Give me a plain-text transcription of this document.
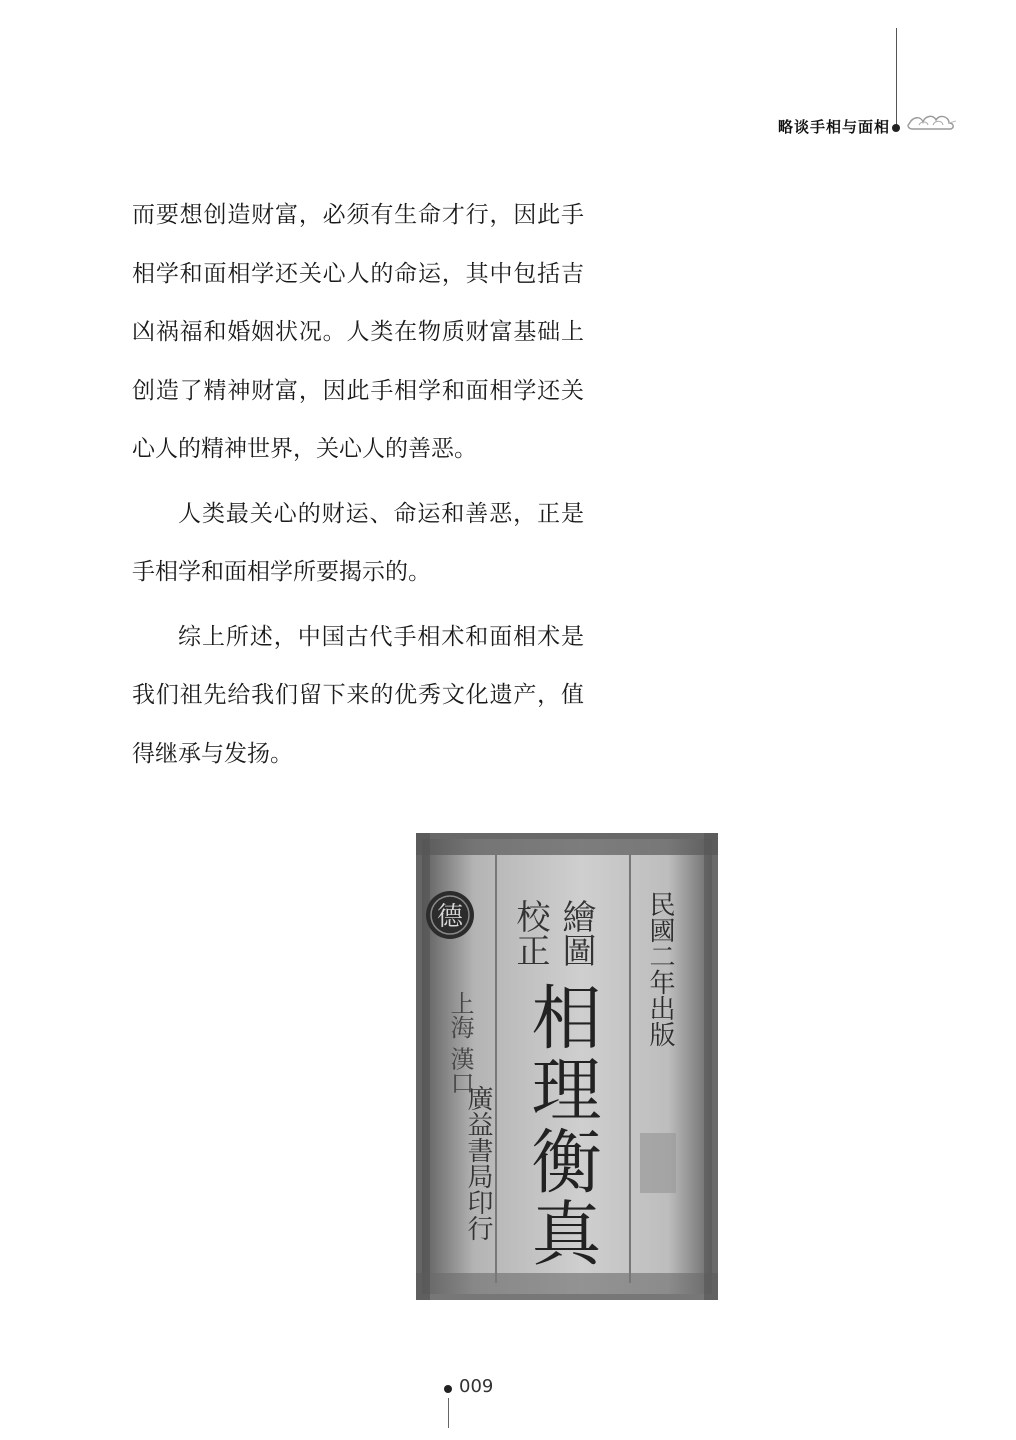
略谈手相与面相

而要想创造财富，必须有生命才行，因此手相学和面相学还关心人的命运，其中包括吉凶祸福和婚姻状况。人类在物质财富基础上创造了精神财富，因此手相学和面相学还关心人的精神世界，关心人的善恶。

人类最关心的财运、命运和善恶，正是手相学和面相学所要揭示的。

综上所述，中国古代手相术和面相术是我们祖先给我们留下来的优秀文化遗产，值得继承与发扬。

德	繪圖
校正
相理衡真
民國二年出版
上海 漢口
廣益書局印行
009
